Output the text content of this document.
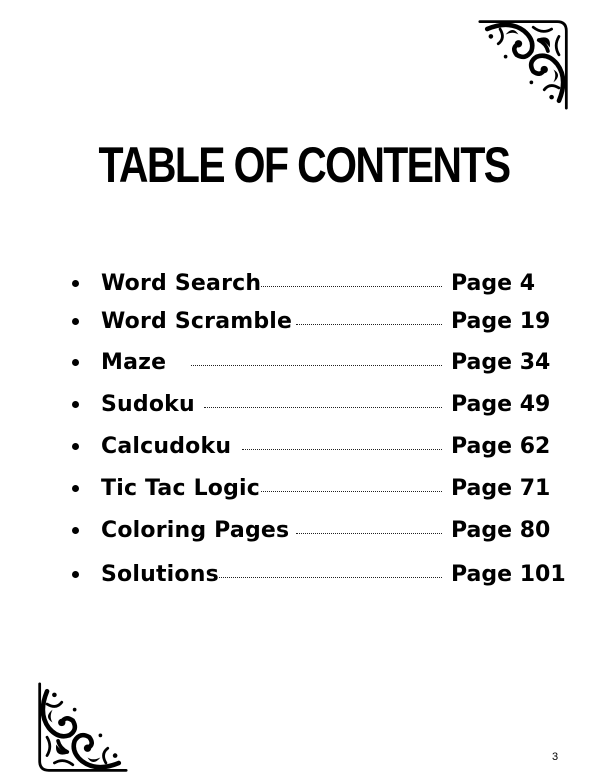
TABLE OF CONTENTS
Word Search	Page 4
Word Scramble	Page 19
Maze	Page 34
Sudoku	Page 49
Calcudoku	Page 62
Tic Tac Logic	Page 71
Coloring Pages	Page 80
Solutions	Page 101
3
